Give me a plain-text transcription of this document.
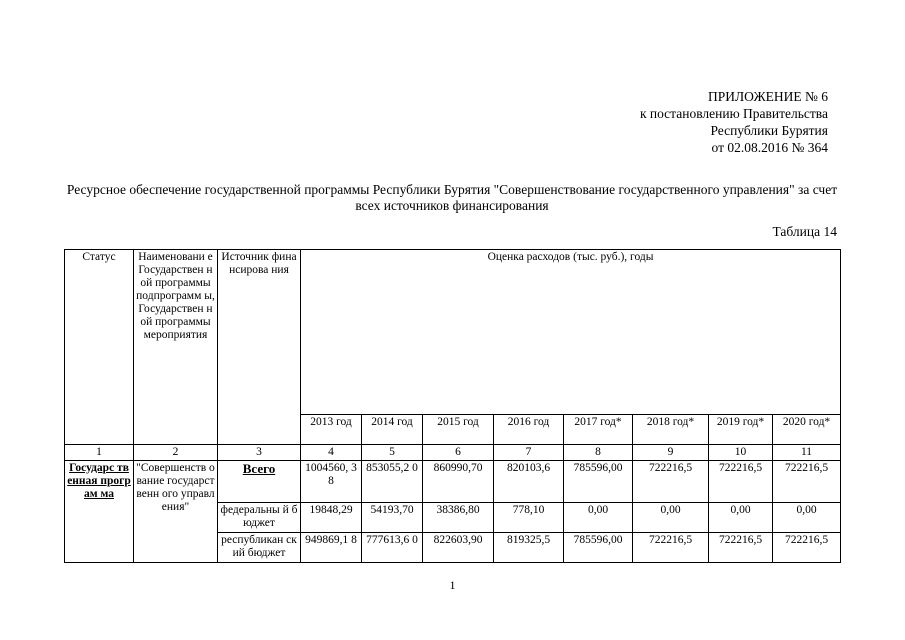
ПРИЛОЖЕНИЕ № 6
к постановлению Правительства
Республики Бурятия
от 02.08.2016 № 364
Ресурсное обеспечение государственной программы Республики Бурятия "Совершенствование государственного управления" за счет всех источников финансирования
Таблица 14
Статус	Наименовани е Государствен ной программы подпрограмм ы, Государствен ной программы мероприятия	Источник финансирова ния	Оценка расходов (тыс. руб.), годы							
			2013 год	2014 год	2015 год	2016 год	2017 год*	2018 год*	2019 год*	2020 год*
1	2	3	4	5	6	7	8	9	10	11
Государс твенная програм ма	"Совершенств ование государственн ого управления"	Всего	1004560, 38	853055,2 0	860990,70	820103,6	785596,00	722216,5	722216,5	722216,5
		федеральны й бюджет	19848,29	54193,70	38386,80	778,10	0,00	0,00	0,00	0,00
		республикан ский бюджет	949869,1 8	777613,6 0	822603,90	819325,5	785596,00	722216,5	722216,5	722216,5
1
